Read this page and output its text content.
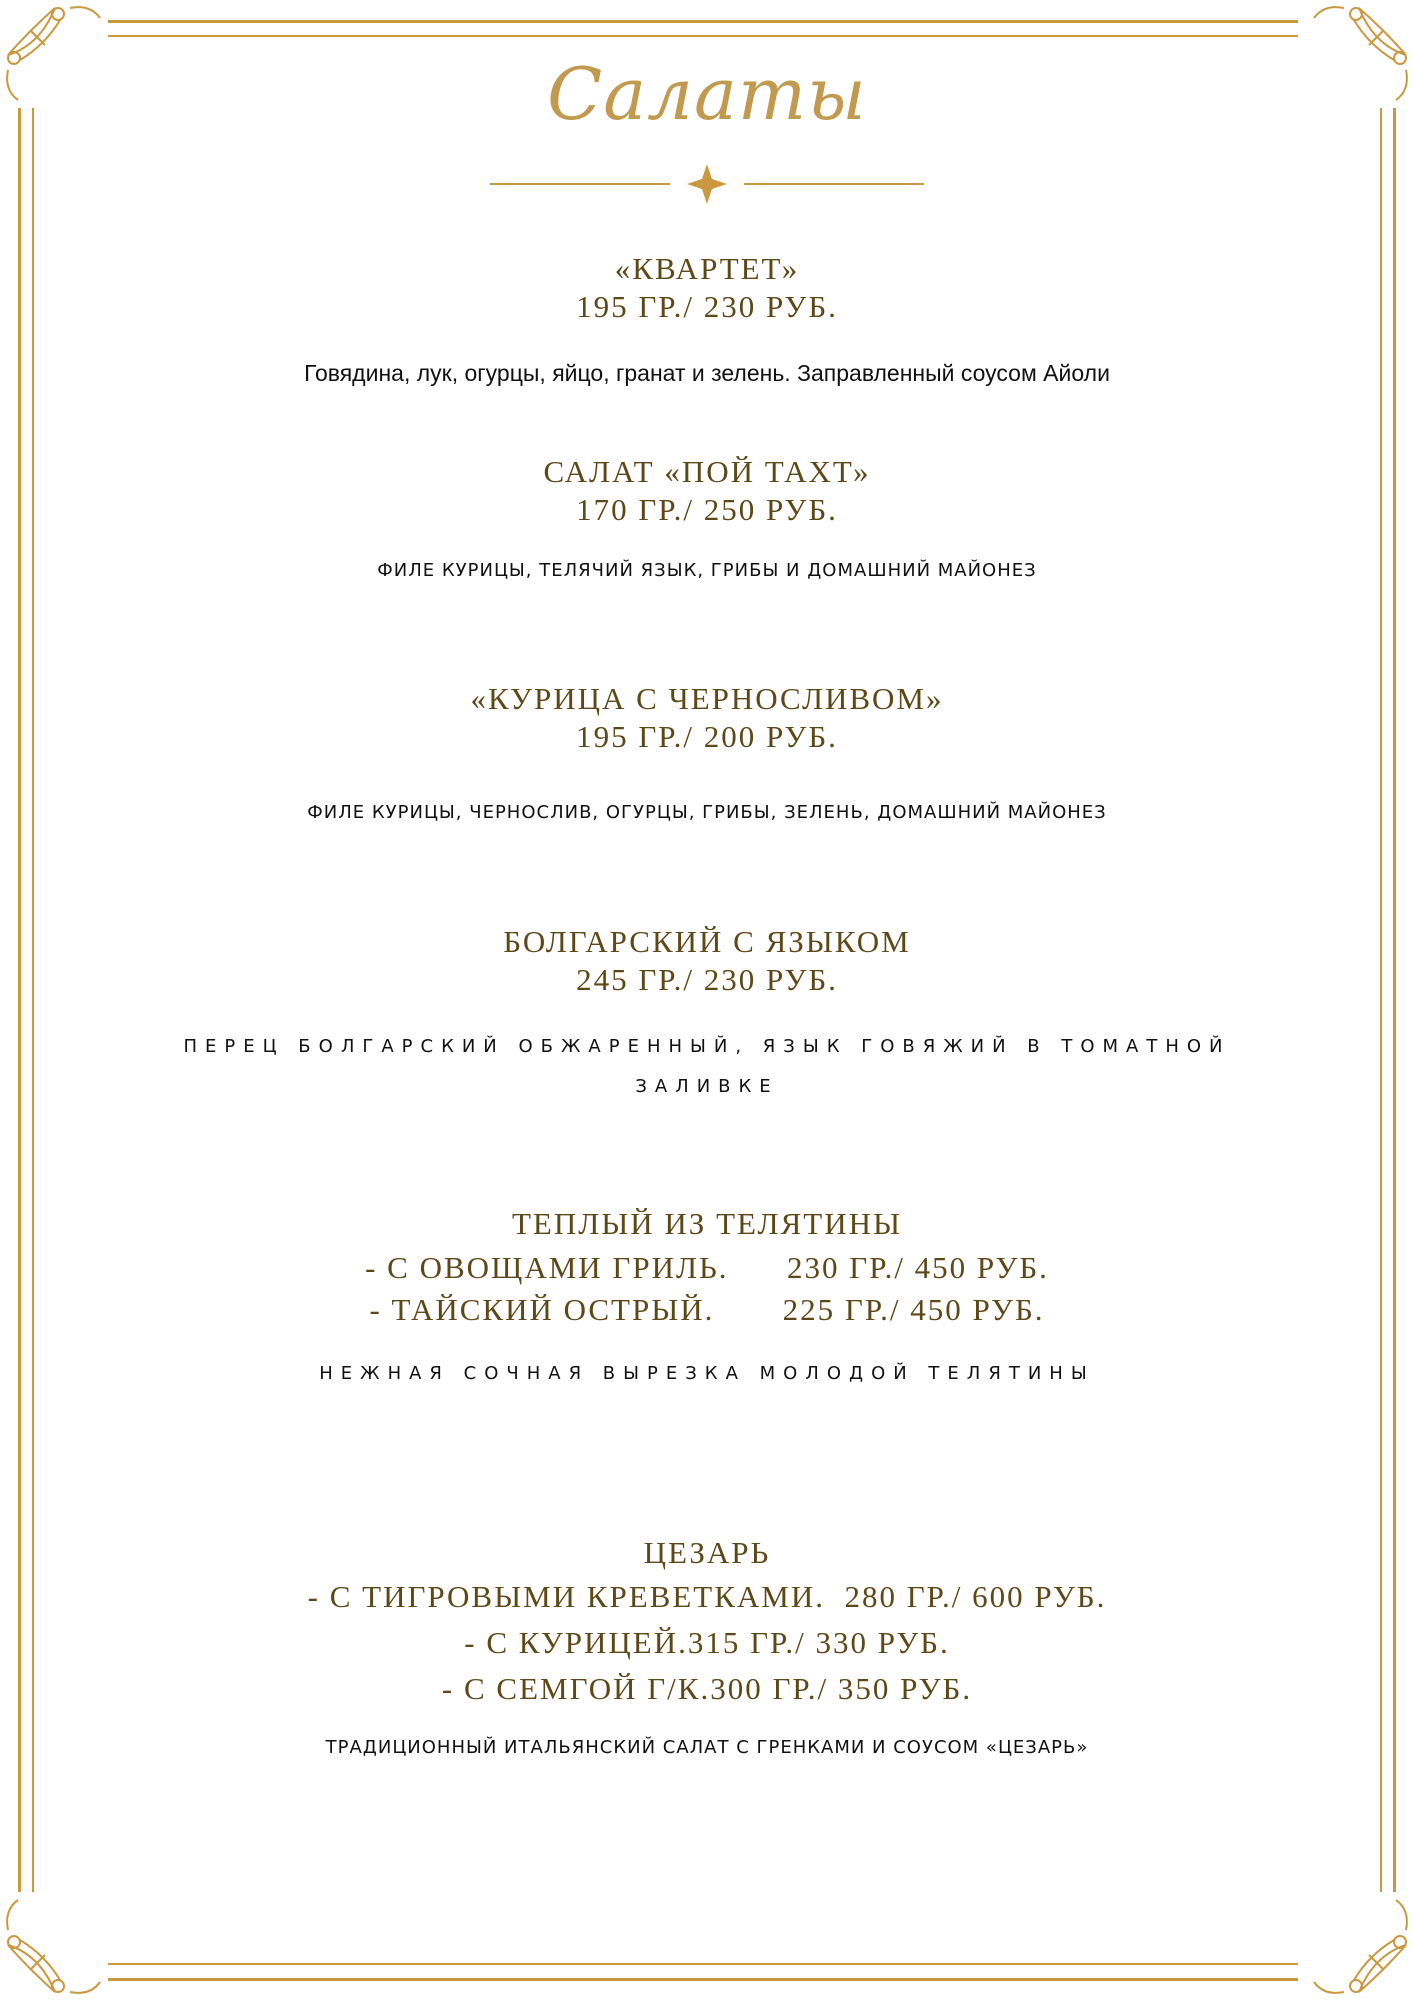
Салаты
«КВАРТЕТ»
195 ГР./ 230 РУБ.
Говядина, лук, огурцы, яйцо, гранат и зелень. Заправленный соусом Айоли
САЛАТ «ПОЙ ТАХТ»
170 ГР./ 250 РУБ.
ФИЛЕ КУРИЦЫ, ТЕЛЯЧИЙ ЯЗЫК, ГРИБЫ И ДОМАШНИЙ МАЙОНЕЗ
«КУРИЦА С ЧЕРНОСЛИВОМ»
195 ГР./ 200 РУБ.
ФИЛЕ КУРИЦЫ, ЧЕРНОСЛИВ, ОГУРЦЫ, ГРИБЫ, ЗЕЛЕНЬ, ДОМАШНИЙ МАЙОНЕЗ
БОЛГАРСКИЙ С ЯЗЫКОМ
245 ГР./ 230 РУБ.
ПЕРЕЦ БОЛГАРСКИЙ ОБЖАРЕННЫЙ, ЯЗЫК ГОВЯЖИЙ В ТОМАТНОЙ ЗАЛИВКЕ
ТЕПЛЫЙ ИЗ ТЕЛЯТИНЫ
- С ОВОЩАМИ ГРИЛЬ.      230 ГР./ 450 РУБ.
- ТАЙСКИЙ ОСТРЫЙ.       225 ГР./ 450 РУБ.
НЕЖНАЯ СОЧНАЯ ВЫРЕЗКА МОЛОДОЙ ТЕЛЯТИНЫ
ЦЕЗАРЬ
- С ТИГРОВЫМИ КРЕВЕТКАМИ.  280 ГР./ 600 РУБ.
- С КУРИЦЕЙ.315 ГР./ 330 РУБ.
- С СЕМГОЙ Г/К.300 ГР./ 350 РУБ.
ТРАДИЦИОННЫЙ ИТАЛЬЯНСКИЙ САЛАТ С ГРЕНКАМИ И СОУСОМ «ЦЕЗАРЬ»
